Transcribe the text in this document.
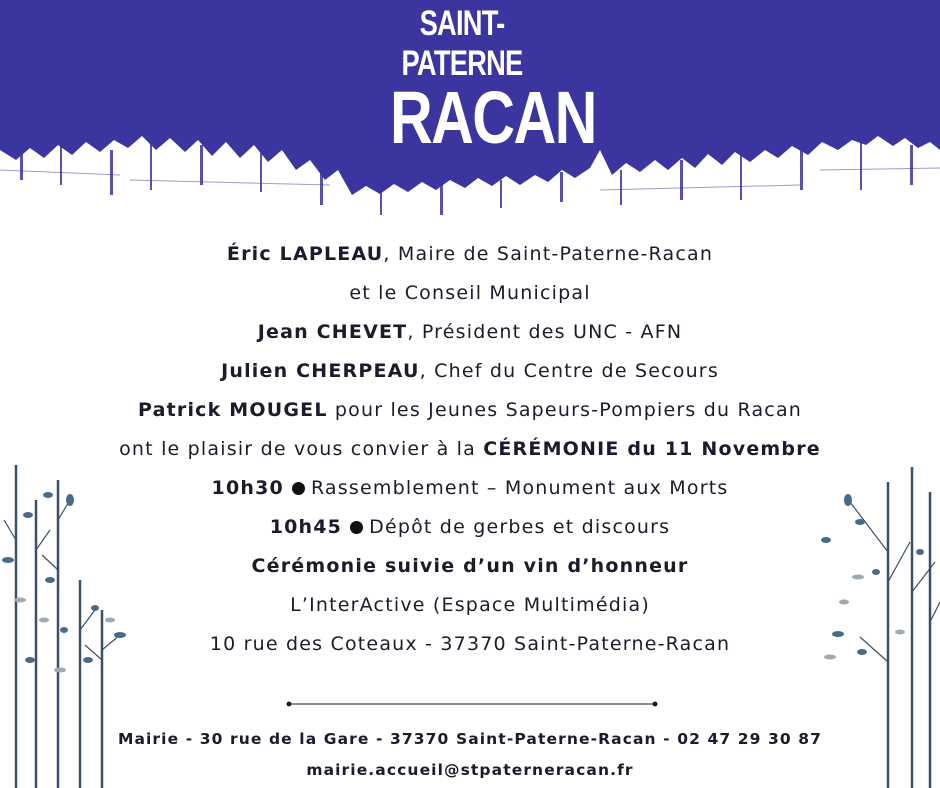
SAINT-PATERNE
RACAN
Éric LAPLEAU, Maire de Saint-Paterne-Racan
et le Conseil Municipal
Jean CHEVET, Président des UNC - AFN
Julien CHERPEAU, Chef du Centre de Secours
Patrick MOUGEL pour les Jeunes Sapeurs-Pompiers du Racan
ont le plaisir de vous convier à la CÉRÉMONIE du 11 Novembre
10h30 Rassemblement – Monument aux Morts
10h45 Dépôt de gerbes et discours
Cérémonie suivie d’un vin d’honneur
L’InterActive (Espace Multimédia)
10 rue des Coteaux - 37370 Saint-Paterne-Racan
Mairie - 30 rue de la Gare - 37370 Saint-Paterne-Racan - 02 47 29 30 87
mairie.accueil@stpaterneracan.fr
